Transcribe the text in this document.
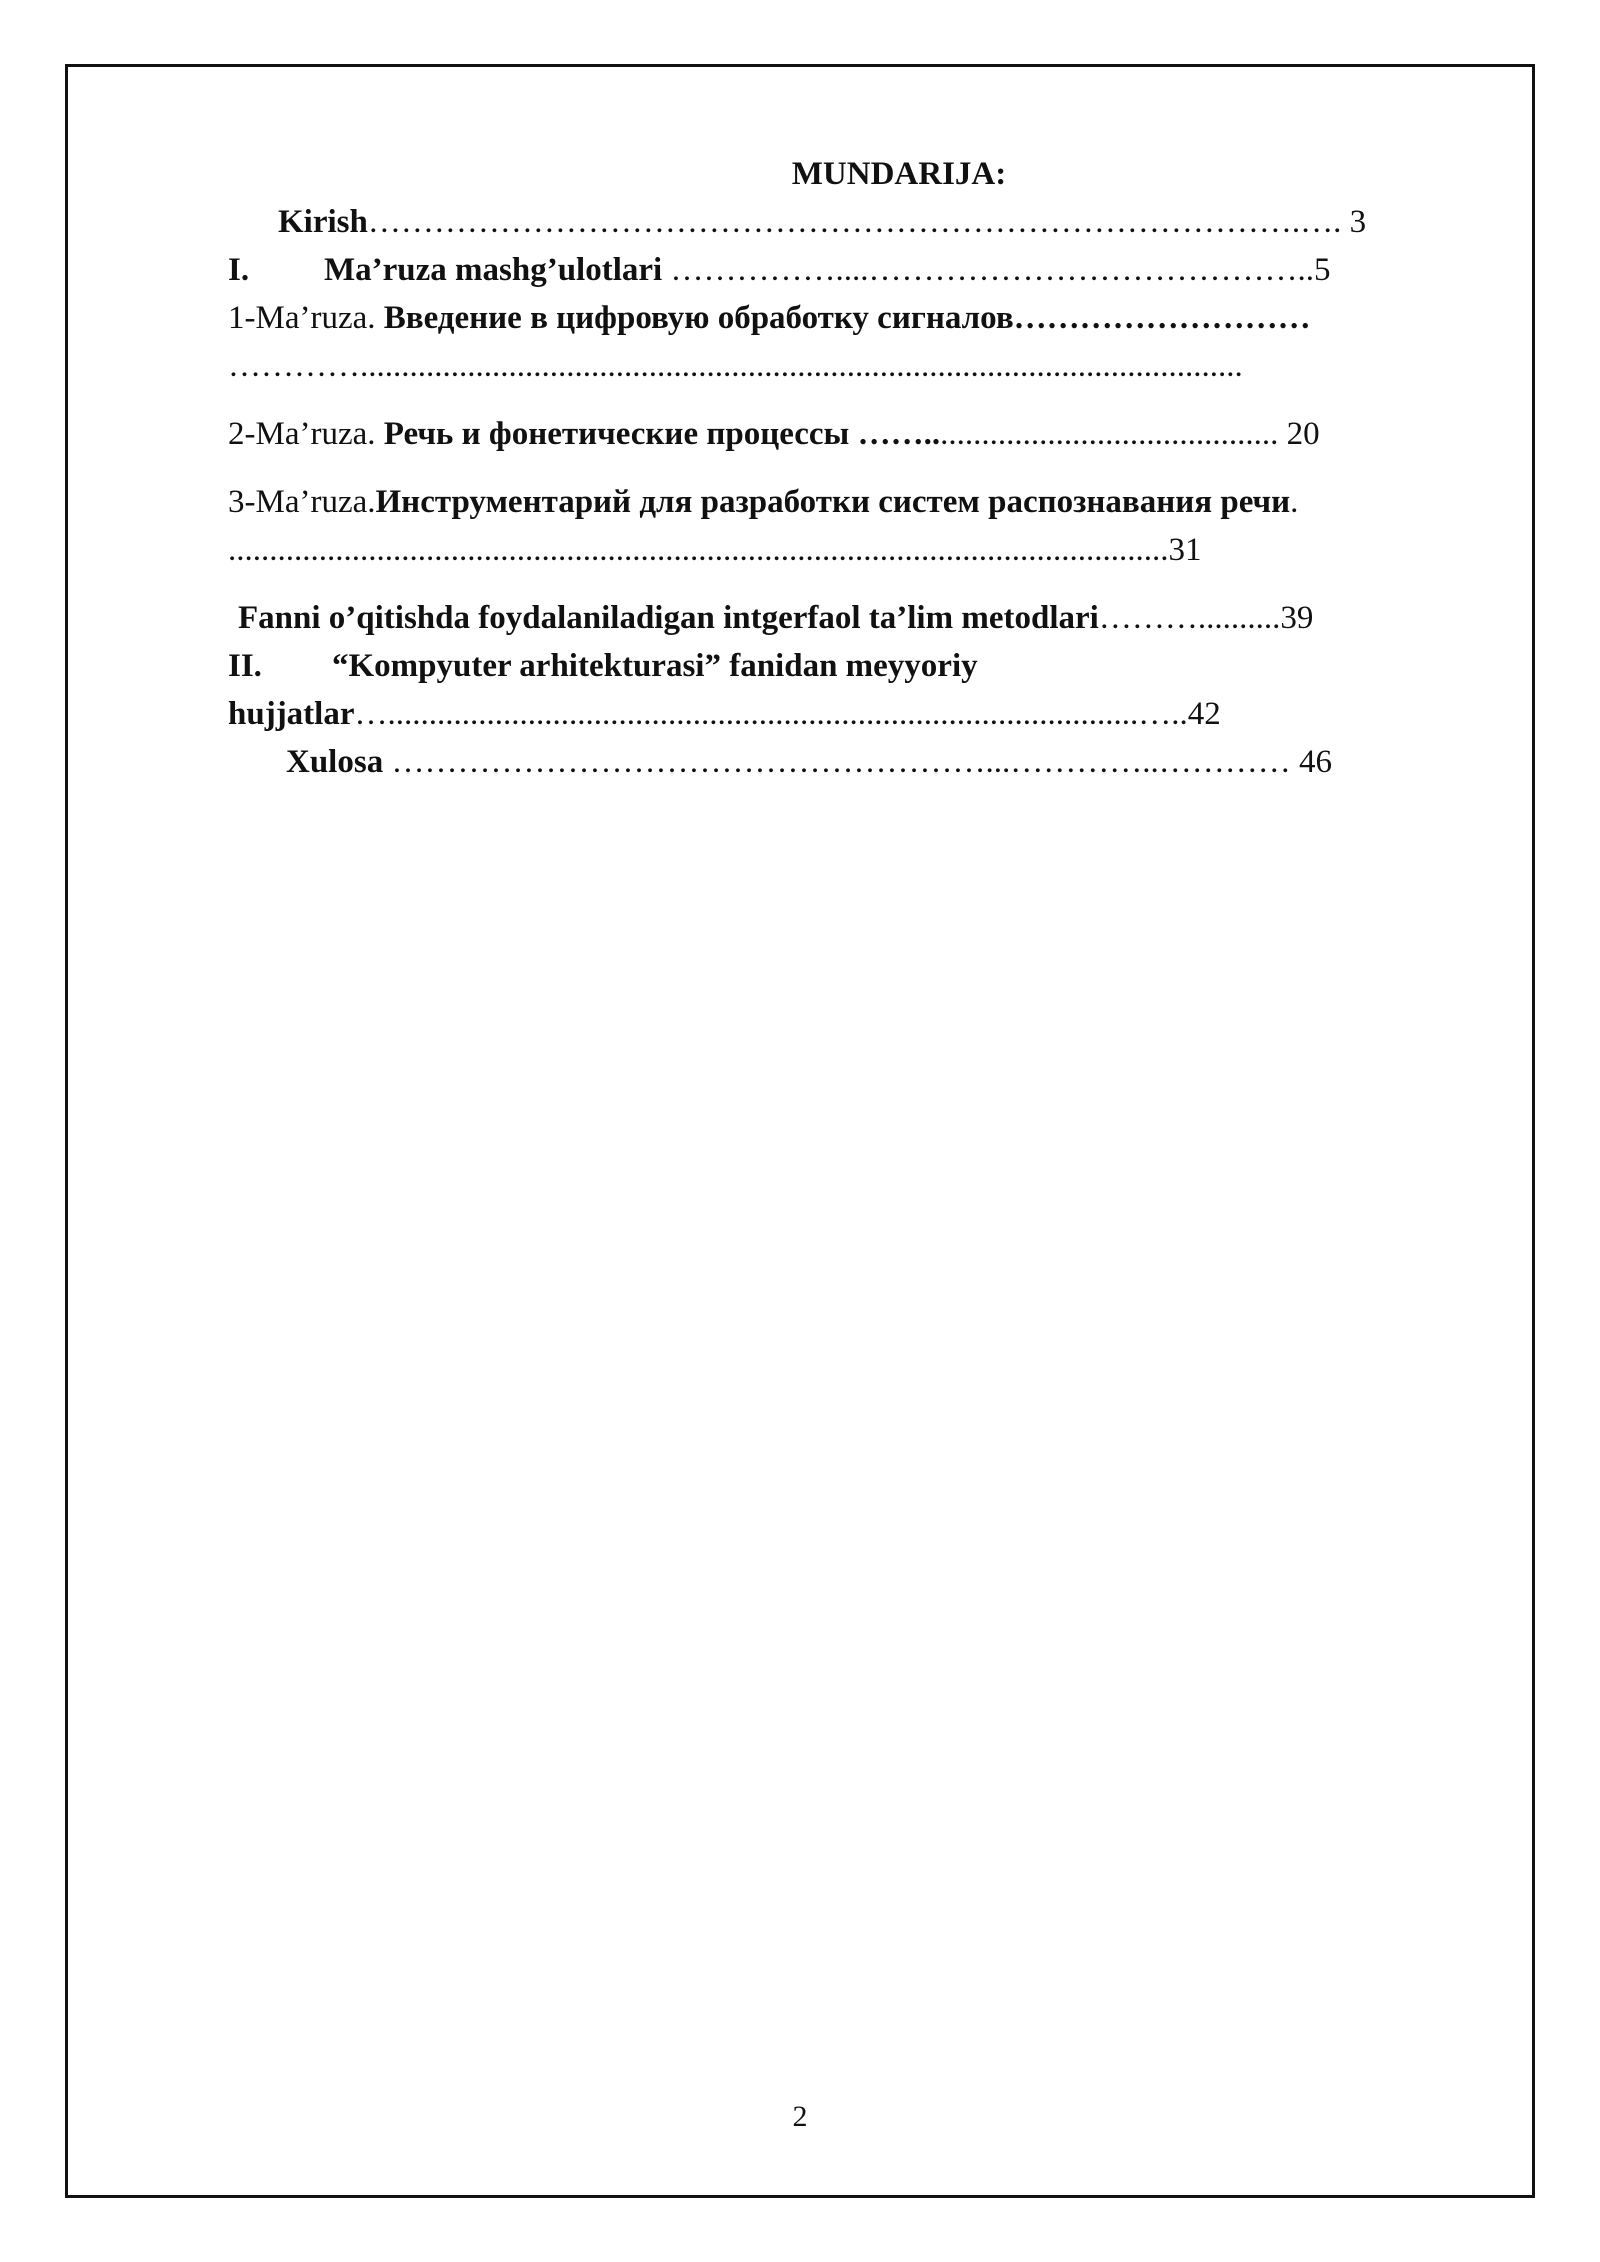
MUNDARIJA:
Kirish………………………………………………………………………….…. 3
I. Ma’ruza mashg’ulotlari ……………....…………………………………..5
1-Ma’ruza. Введение в цифровую обработку сигналов………………………
…………...........................................................................................................
2-Ma’ruza. Речь и фонетические процессы ……........................................... 20
3-Ma’ruza.Инструментарий для разработки систем распознавания речи.
..................................................................................................................31
Fanni o’qitishda foydalaniladigan intgerfaol ta’lim metodlari………..........39
II. “Kompyuter arhitekturasi” fanidan meyyoriy
hujjatlar…...........................................................................................…..42
Xulosa ………………………………………………...…………..………… 46
2
